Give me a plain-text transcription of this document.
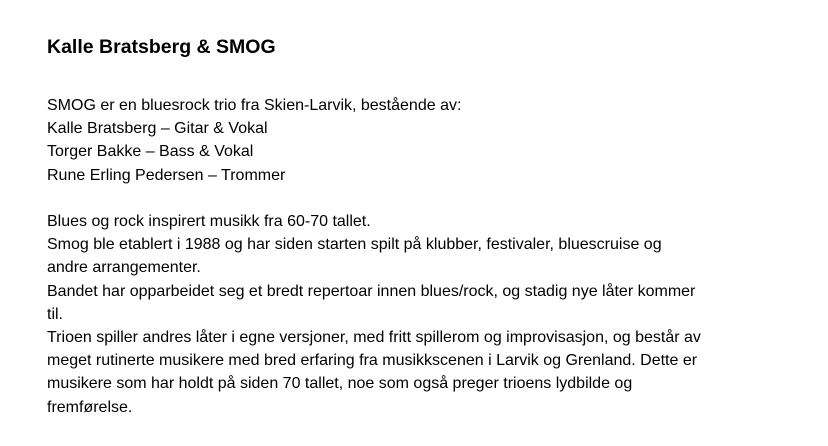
Kalle Bratsberg & SMOG

SMOG er en bluesrock trio fra Skien-Larvik, bestående av:
Kalle Bratsberg – Gitar & Vokal
Torger Bakke – Bass & Vokal
Rune Erling Pedersen – Trommer

Blues og rock inspirert musikk fra 60-70 tallet.
Smog ble etablert i 1988 og har siden starten spilt på klubber, festivaler, bluescruise og
andre arrangementer.
Bandet har opparbeidet seg et bredt repertoar innen blues/rock, og stadig nye låter kommer
til.
Trioen spiller andres låter i egne versjoner, med fritt spillerom og improvisasjon, og består av
meget rutinerte musikere med bred erfaring fra musikkscenen i Larvik og Grenland. Dette er
musikere som har holdt på siden 70 tallet, noe som også preger trioens lydbilde og
fremførelse.
